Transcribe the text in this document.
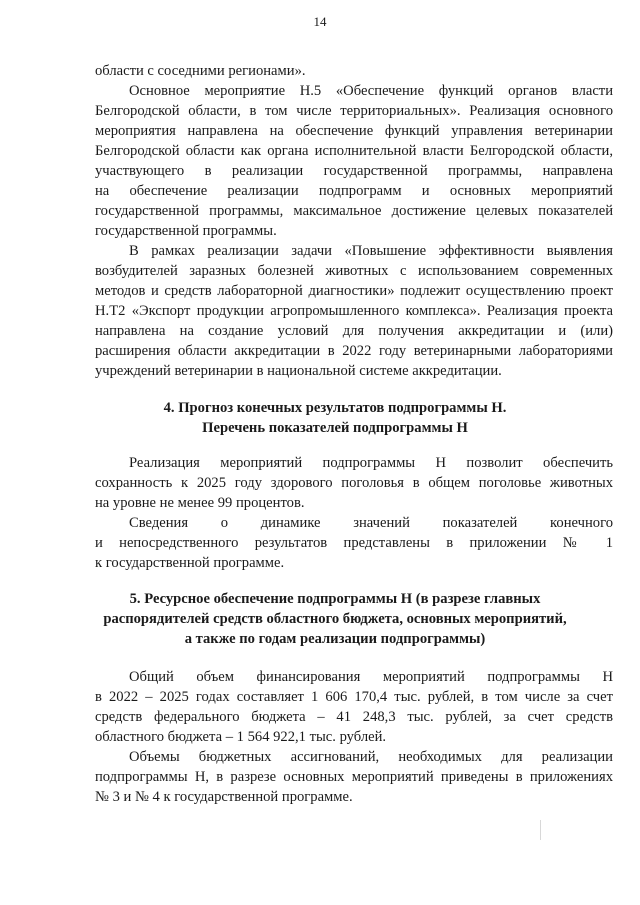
14
области с соседними регионами».
Основное мероприятие Н.5 «Обеспечение функций органов власти
Белгородской области, в том числе территориальных». Реализация основного
мероприятия направлена на обеспечение функций управления ветеринарии
Белгородской области как органа исполнительной власти Белгородской области,
участвующего в реализации государственной программы, направлена
на обеспечение реализации подпрограмм и основных мероприятий
государственной программы, максимальное достижение целевых показателей
государственной программы.
В рамках реализации задачи «Повышение эффективности выявления
возбудителей заразных болезней животных с использованием современных
методов и средств лабораторной диагностики» подлежит осуществлению проект
Н.Т2 «Экспорт продукции агропромышленного комплекса». Реализация проекта
направлена на создание условий для получения аккредитации и (или)
расширения области аккредитации в 2022 году ветеринарными лабораториями
учреждений ветеринарии в национальной системе аккредитации.
4. Прогноз конечных результатов подпрограммы Н.
Перечень показателей подпрограммы Н
Реализация мероприятий подпрограммы Н позволит обеспечить
сохранность к 2025 году здорового поголовья в общем поголовье животных
на уровне не менее 99 процентов.
Сведения о динамике значений показателей конечного
и непосредственного результатов представлены в приложении № 1
к государственной программе.
5. Ресурсное обеспечение подпрограммы Н (в разрезе главных
распорядителей средств областного бюджета, основных мероприятий,
а также по годам реализации подпрограммы)
Общий объем финансирования мероприятий подпрограммы Н
в 2022 – 2025 годах составляет 1 606 170,4 тыс. рублей, в том числе за счет
средств федерального бюджета – 41 248,3 тыс. рублей, за счет средств
областного бюджета – 1 564 922,1 тыс. рублей.
Объемы бюджетных ассигнований, необходимых для реализации
подпрограммы Н, в разрезе основных мероприятий приведены в приложениях
№ 3 и № 4 к государственной программе.
